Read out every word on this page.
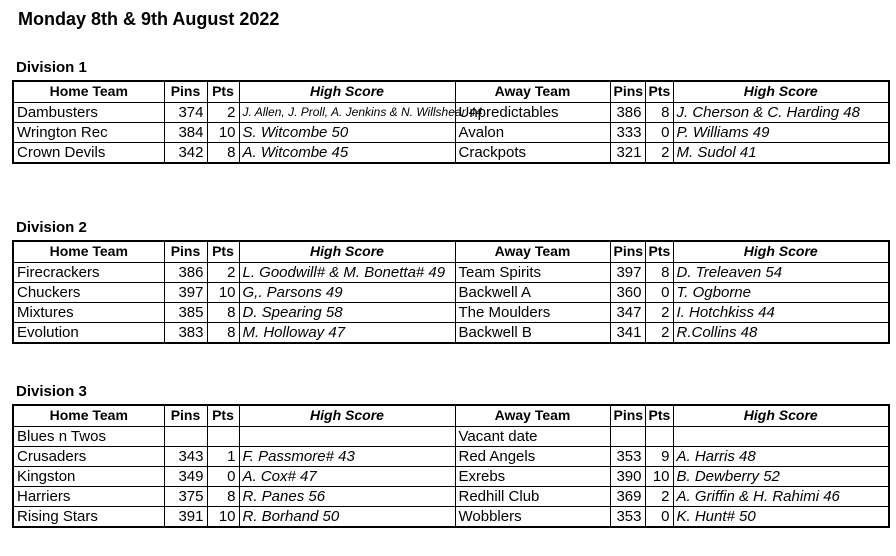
Monday 8th & 9th August 2022
Division 1
Home Team	Pins	Pts	High Score	Away Team	Pins	Pts	High Score
Dambusters	374	2	J. Allen, J. Proll, A. Jenkins & N. Willshear 44	Unpredictables	386	8	J. Cherson & C. Harding 48
Wrington Rec	384	10	S. Witcombe 50	Avalon	333	0	P. Williams 49
Crown Devils	342	8	A. Witcombe 45	Crackpots	321	2	M. Sudol 41
Division 2
Home Team	Pins	Pts	High Score	Away Team	Pins	Pts	High Score
Firecrackers	386	2	L. Goodwill# & M. Bonetta# 49	Team Spirits	397	8	D. Treleaven 54
Chuckers	397	10	G,. Parsons 49	Backwell A	360	0	T. Ogborne
Mixtures	385	8	D. Spearing 58	The Moulders	347	2	I. Hotchkiss 44
Evolution	383	8	M. Holloway 47	Backwell B	341	2	R.Collins 48
Division 3
Home Team	Pins	Pts	High Score	Away Team	Pins	Pts	High Score
Blues n Twos				Vacant date			
Crusaders	343	1	F. Passmore# 43	Red Angels	353	9	A. Harris 48
Kingston	349	0	A. Cox# 47	Exrebs	390	10	B. Dewberry 52
Harriers	375	8	R. Panes 56	Redhill Club	369	2	A. Griffin & H. Rahimi 46
Rising Stars	391	10	R. Borhand 50	Wobblers	353	0	K. Hunt# 50
